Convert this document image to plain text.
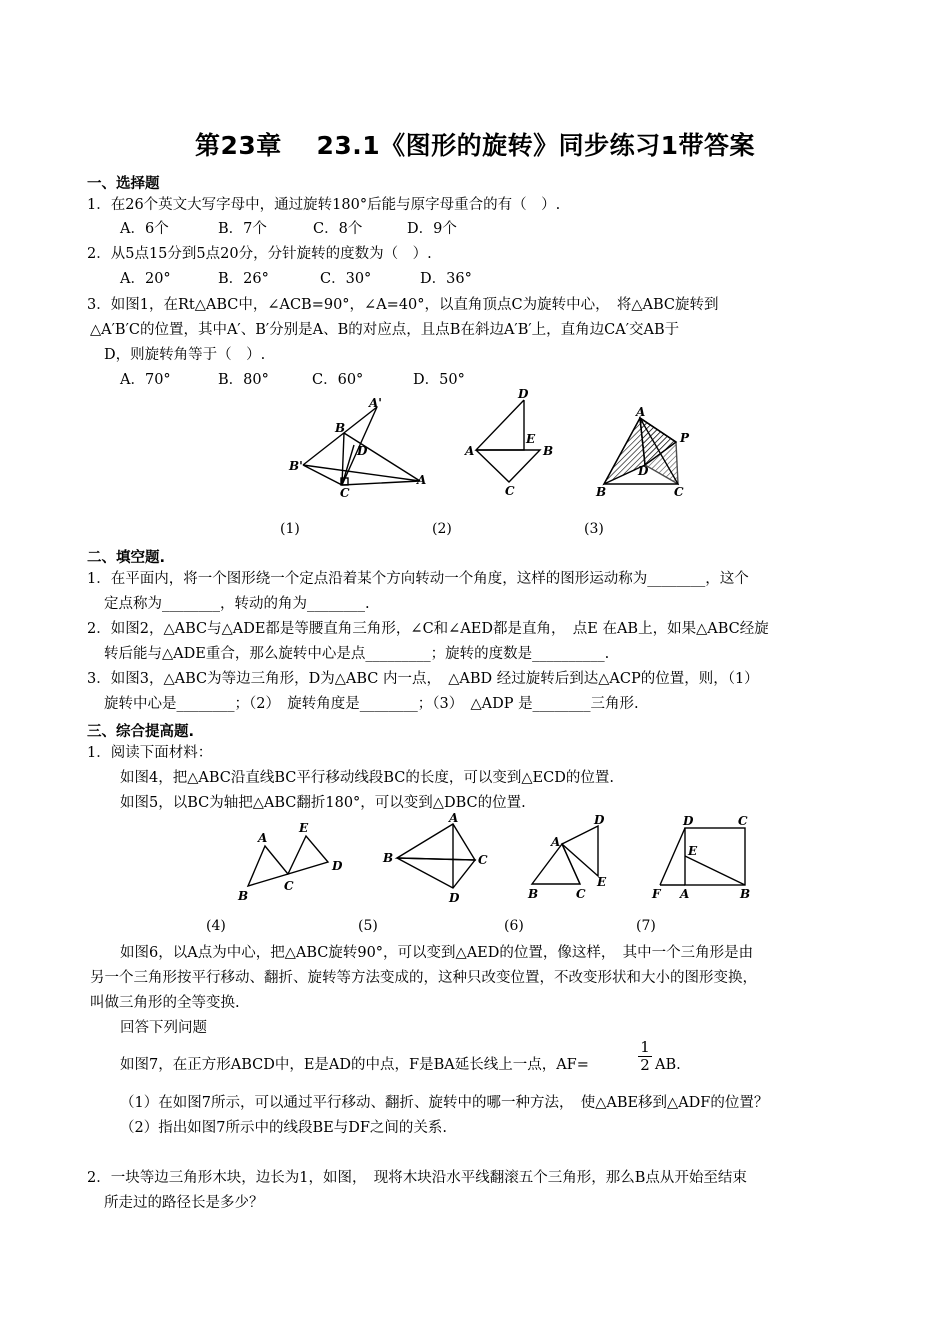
第23章　 23.1《图形的旋转》同步练习1带答案
一、选择题
1．在26个英文大写字母中，通过旋转180°后能与原字母重合的有（　）.
A．6个	B．7个	C．8个	D．9个
2．从5点15分到5点20分，分针旋转的度数为（　）.
A．20°	B．26°	C．30°	D．36°
3．如图1，在Rt△ABC中，∠ACB=90°，∠A=40°，以直角顶点C为旋转中心，　将△ABC旋转到
△A′B′C的位置，其中A′、B′分别是A、B的对应点，且点B在斜边A′B′上，直角边CA′交AB于
D，则旋转角等于（　）.
A．70°	B．80°	C．60°	D．50°
A'
B
D
B'
C
A
D
E
A	B
C
A
P
D
B	C
(1)	(2)	(3)
二、填空题.
1．在平面内，将一个图形绕一个定点沿着某个方向转动一个角度，这样的图形运动称为________，这个
定点称为________，转动的角为________.
2．如图2，△ABC与△ADE都是等腰直角三角形，∠C和∠AED都是直角，　点E 在AB上，如果△ABC经旋
转后能与△ADE重合，那么旋转中心是点_________；旋转的度数是__________.
3．如图3，△ABC为等边三角形，D为△ABC 内一点，　△ABD 经过旋转后到达△ACP的位置，则，（1）
旋转中心是________；（2）　旋转角度是________；（3）　△ADP 是________三角形.
三、综合提高题.
1．阅读下面材料：
如图4，把△ABC沿直线BC平行移动线段BC的长度，可以变到△ECD的位置.
如图5，以BC为轴把△ABC翻折180°，可以变到△DBC的位置.
A
E
D
B
C
A
B	C
D
D
A
E
B	C
D	C
E
F A	B
(4)	(5)	(6)	(7)
如图6，以A点为中心，把△ABC旋转90°，可以变到△AED的位置，像这样，　其中一个三角形是由
另一个三角形按平行移动、翻折、旋转等方法变成的，这种只改变位置，不改变形状和大小的图形变换，
叫做三角形的全等变换.
回答下列问题
如图7，在正方形ABCD中，E是AD的中点，F是BA延长线上一点，AF=	$\frac{1}{2}$ AB.
（1）在如图7所示，可以通过平行移动、翻折、旋转中的哪一种方法，　使△ABE移到△ADF的位置？
（2）指出如图7所示中的线段BE与DF之间的关系.
2．一块等边三角形木块，边长为1，如图，　现将木块沿水平线翻滚五个三角形，那么B点从开始至结束
所走过的路径长是多少？
